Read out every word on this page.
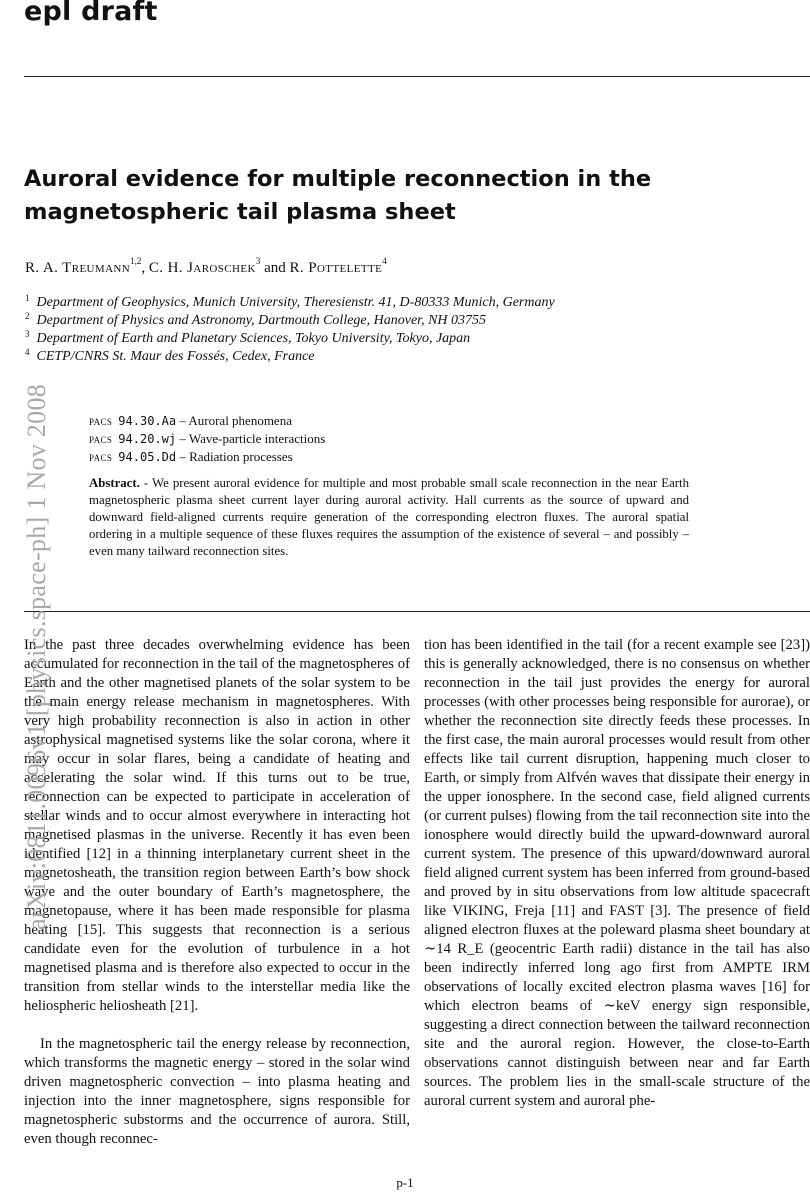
epl draft
Auroral evidence for multiple reconnection in the magnetospheric tail plasma sheet
R. A. Treumann$^{1,2}$, C. H. Jaroschek$^3$ and R. Pottelette$^4$
$^1$ Department of Geophysics, Munich University, Theresienstr. 41, D-80333 Munich, Germany
$^2$ Department of Physics and Astronomy, Dartmouth College, Hanover, NH 03755
$^3$ Department of Earth and Planetary Sciences, Tokyo University, Tokyo, Japan
$^4$ CETP/CNRS St. Maur des Fossés, Cedex, France
pacs 94.30.Aa – Auroral phenomena
pacs 94.20.wj – Wave-particle interactions
pacs 94.05.Dd – Radiation processes
Abstract. - We present auroral evidence for multiple and most probable small scale reconnection in the near Earth magnetospheric plasma sheet current layer during auroral activity. Hall currents as the source of upward and downward field-aligned currents require generation of the corresponding electron fluxes. The auroral spatial ordering in a multiple sequence of these fluxes requires the assumption of the existence of several – and possibly – even many tailward reconnection sites.

In the past three decades overwhelming evidence has been accumulated for reconnection in the tail of the magnetospheres of Earth and the other magnetised planets of the solar system to be the main energy release mechanism in magnetospheres. With very high probability reconnection is also in action in other astrophysical magnetised systems like the solar corona, where it may occur in solar flares, being a candidate of heating and accelerating the solar wind. If this turns out to be true, reconnection can be expected to participate in acceleration of stellar winds and to occur almost everywhere in interacting hot magnetised plasmas in the universe. Recently it has even been identified [12] in a thinning interplanetary current sheet in the magnetosheath, the transition region between Earth’s bow shock wave and the outer boundary of Earth’s magnetosphere, the magnetopause, where it has been made responsible for plasma heating [15]. This suggests that reconnection is a serious candidate even for the evolution of turbulence in a hot magnetised plasma and is therefore also expected to occur in the transition from stellar winds to the interstellar media like the heliospheric heliosheath [21].

In the magnetospheric tail the energy release by reconnection, which transforms the magnetic energy – stored in the solar wind driven magnetospheric convection – into plasma heating and injection into the inner magnetosphere, signs responsible for magnetospheric substorms and the occurrence of aurora. Still, even though reconnec-

tion has been identified in the tail (for a recent example see [23]) this is generally acknowledged, there is no consensus on whether reconnection in the tail just provides the energy for auroral processes (with other processes being responsible for aurorae), or whether the reconnection site directly feeds these processes. In the first case, the main auroral processes would result from other effects like tail current disruption, happening much closer to Earth, or simply from Alfvén waves that dissipate their energy in the upper ionosphere. In the second case, field aligned currents (or current pulses) flowing from the tail reconnection site into the ionosphere would directly build the upward-downward auroral current system. The presence of this upward/downward auroral field aligned current system has been inferred from ground-based and proved by in situ observations from low altitude spacecraft like VIKING, Freja [11] and FAST [3]. The presence of field aligned electron fluxes at the poleward plasma sheet boundary at ∼14 R_E (geocentric Earth radii) distance in the tail has also been indirectly inferred long ago first from AMPTE IRM observations of locally excited electron plasma waves [16] for which electron beams of ∼keV energy sign responsible, suggesting a direct connection between the tailward reconnection site and the auroral region. However, the close-to-Earth observations cannot distinguish between near and far Earth sources. The problem lies in the small-scale structure of the auroral current system and auroral phe-

arXiv:0811.0096v1 [physics.space-ph] 1 Nov 2008
p-1
